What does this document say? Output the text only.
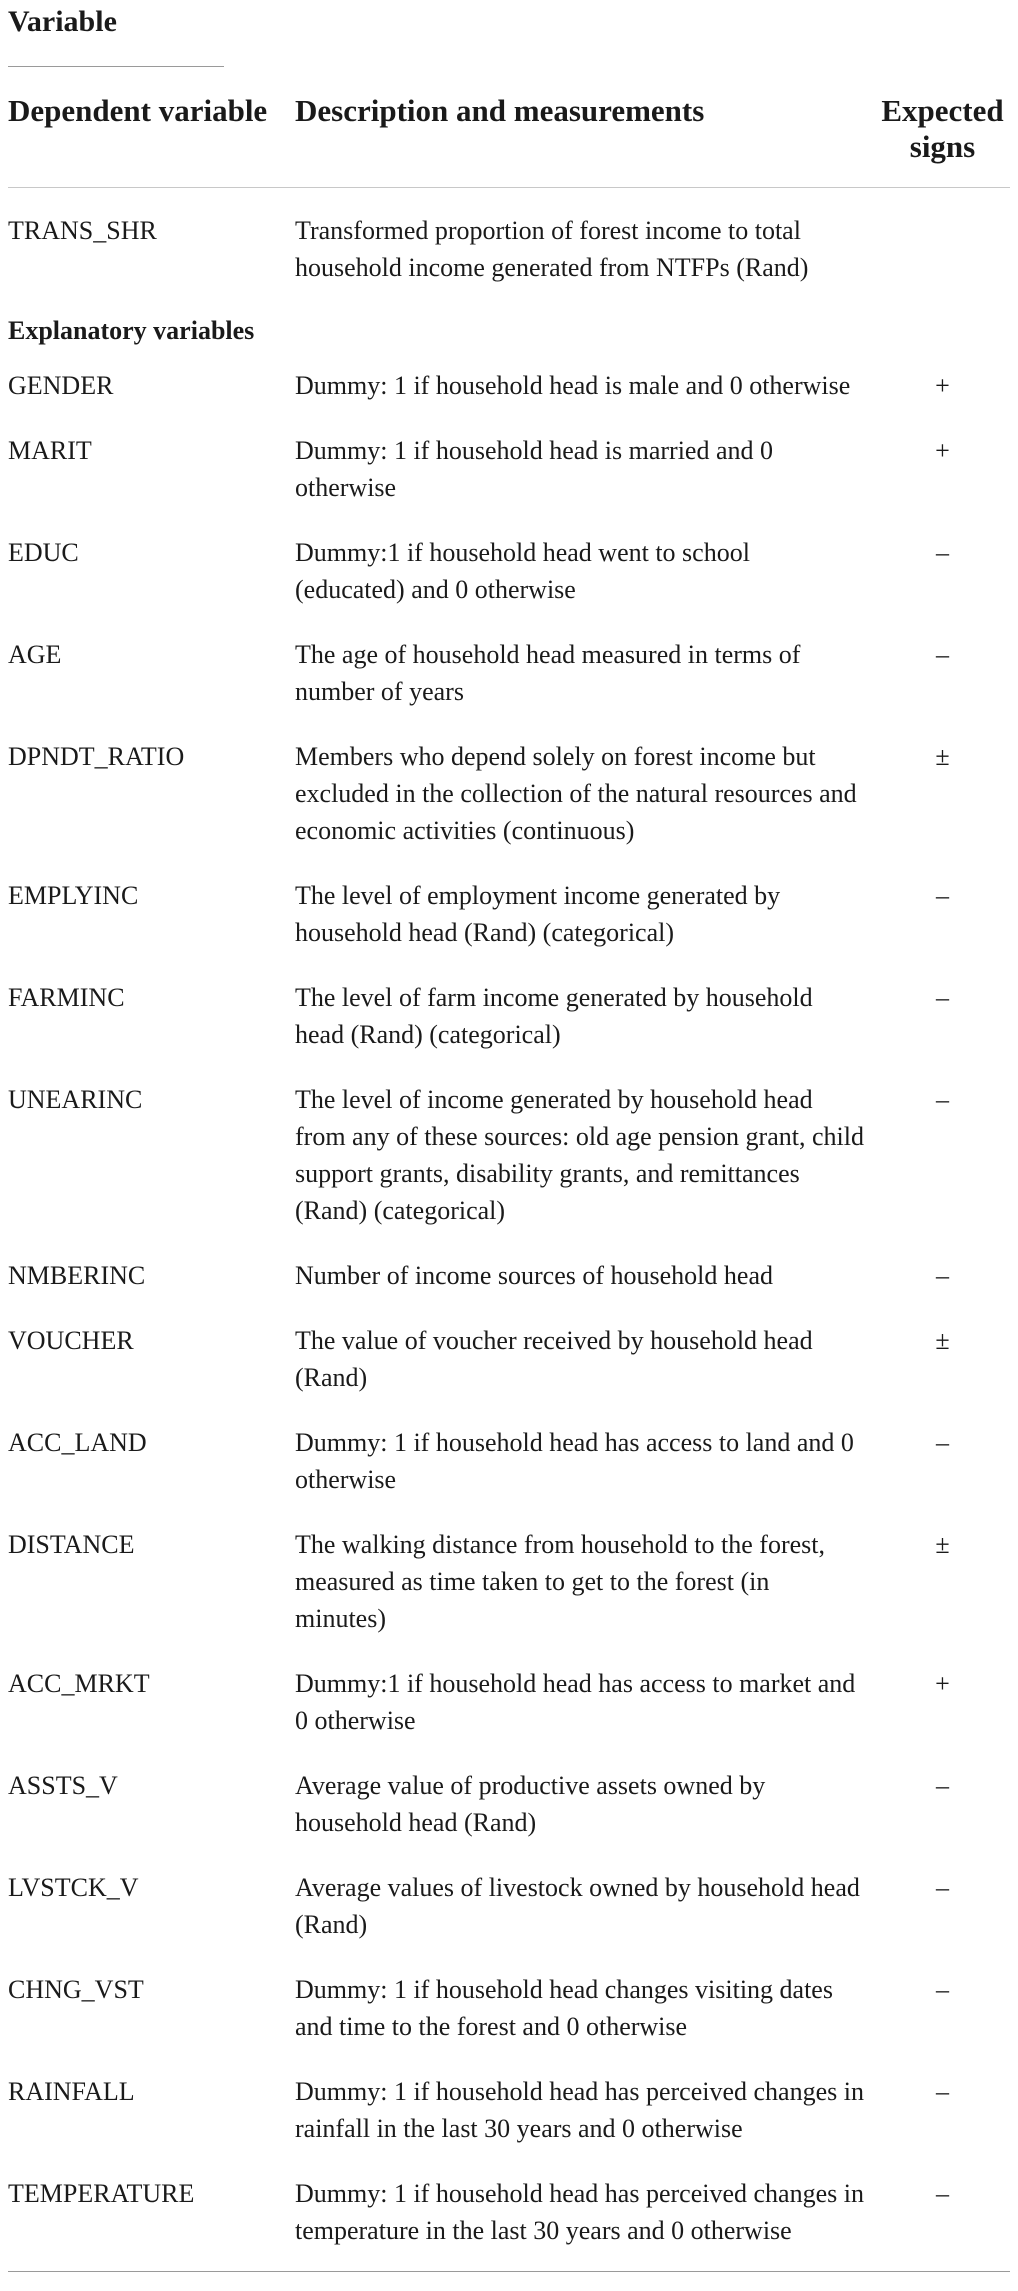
Variable
Dependent variable	Description and measurements	Expected signs
TRANS_SHR	Transformed proportion of forest income to total household income generated from NTFPs (Rand)	
Explanatory variables		
GENDER	Dummy: 1 if household head is male and 0 otherwise	+
MARIT	Dummy: 1 if household head is married and 0 otherwise	+
EDUC	Dummy:1 if household head went to school (educated) and 0 otherwise	–
AGE	The age of household head measured in terms of number of years	–
DPNDT_RATIO	Members who depend solely on forest income but excluded in the collection of the natural resources and economic activities (continuous)	±
EMPLYINC	The level of employment income generated by household head (Rand) (categorical)	–
FARMINC	The level of farm income generated by household head (Rand) (categorical)	–
UNEARINC	The level of income generated by household head from any of these sources: old age pension grant, child support grants, disability grants, and remittances (Rand) (categorical)	–
NMBERINC	Number of income sources of household head	–
VOUCHER	The value of voucher received by household head (Rand)	±
ACC_LAND	Dummy: 1 if household head has access to land and 0 otherwise	–
DISTANCE	The walking distance from household to the forest, measured as time taken to get to the forest (in minutes)	±
ACC_MRKT	Dummy:1 if household head has access to market and 0 otherwise	+
ASSTS_V	Average value of productive assets owned by household head (Rand)	–
LVSTCK_V	Average values of livestock owned by household head (Rand)	–
CHNG_VST	Dummy: 1 if household head changes visiting dates and time to the forest and 0 otherwise	–
RAINFALL	Dummy: 1 if household head has perceived changes in rainfall in the last 30 years and 0 otherwise	–
TEMPERATURE	Dummy: 1 if household head has perceived changes in temperature in the last 30 years and 0 otherwise	–
